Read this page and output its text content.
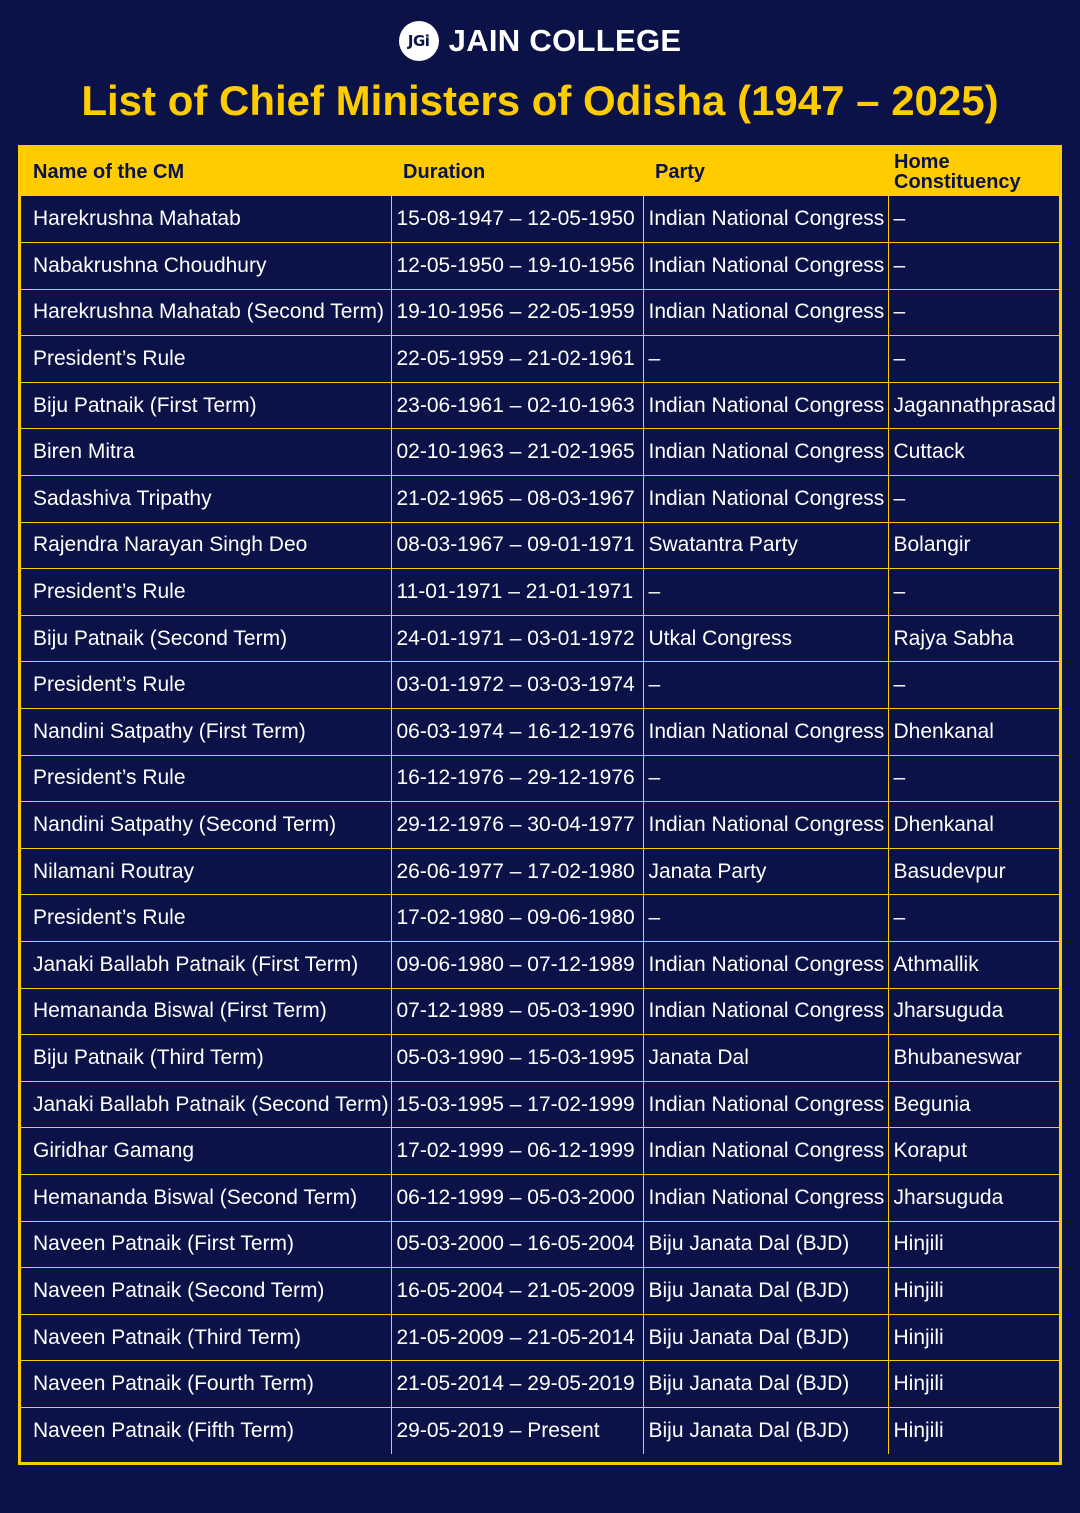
JGi JAIN COLLEGE
List of Chief Ministers of Odisha (1947 – 2025)
Name of the CM	Duration	Party	Home Constituency
Harekrushna Mahatab	15-08-1947 – 12-05-1950	Indian National Congress	–
Nabakrushna Choudhury	12-05-1950 – 19-10-1956	Indian National Congress	–
Harekrushna Mahatab (Second Term)	19-10-1956 – 22-05-1959	Indian National Congress	–
President’s Rule	22-05-1959 – 21-02-1961	–	–
Biju Patnaik (First Term)	23-06-1961 – 02-10-1963	Indian National Congress	Jagannathprasad
Biren Mitra	02-10-1963 – 21-02-1965	Indian National Congress	Cuttack
Sadashiva Tripathy	21-02-1965 – 08-03-1967	Indian National Congress	–
Rajendra Narayan Singh Deo	08-03-1967 – 09-01-1971	Swatantra Party	Bolangir
President’s Rule	11-01-1971 – 21-01-1971	–	–
Biju Patnaik (Second Term)	24-01-1971 – 03-01-1972	Utkal Congress	Rajya Sabha
President’s Rule	03-01-1972 – 03-03-1974	–	–
Nandini Satpathy (First Term)	06-03-1974 – 16-12-1976	Indian National Congress	Dhenkanal
President’s Rule	16-12-1976 – 29-12-1976	–	–
Nandini Satpathy (Second Term)	29-12-1976 – 30-04-1977	Indian National Congress	Dhenkanal
Nilamani Routray	26-06-1977 – 17-02-1980	Janata Party	Basudevpur
President’s Rule	17-02-1980 – 09-06-1980	–	–
Janaki Ballabh Patnaik (First Term)	09-06-1980 – 07-12-1989	Indian National Congress	Athmallik
Hemananda Biswal (First Term)	07-12-1989 – 05-03-1990	Indian National Congress	Jharsuguda
Biju Patnaik (Third Term)	05-03-1990 – 15-03-1995	Janata Dal	Bhubaneswar
Janaki Ballabh Patnaik (Second Term)	15-03-1995 – 17-02-1999	Indian National Congress	Begunia
Giridhar Gamang	17-02-1999 – 06-12-1999	Indian National Congress	Koraput
Hemananda Biswal (Second Term)	06-12-1999 – 05-03-2000	Indian National Congress	Jharsuguda
Naveen Patnaik (First Term)	05-03-2000 – 16-05-2004	Biju Janata Dal (BJD)	Hinjili
Naveen Patnaik (Second Term)	16-05-2004 – 21-05-2009	Biju Janata Dal (BJD)	Hinjili
Naveen Patnaik (Third Term)	21-05-2009 – 21-05-2014	Biju Janata Dal (BJD)	Hinjili
Naveen Patnaik (Fourth Term)	21-05-2014 – 29-05-2019	Biju Janata Dal (BJD)	Hinjili
Naveen Patnaik (Fifth Term)	29-05-2019 – Present	Biju Janata Dal (BJD)	Hinjili
